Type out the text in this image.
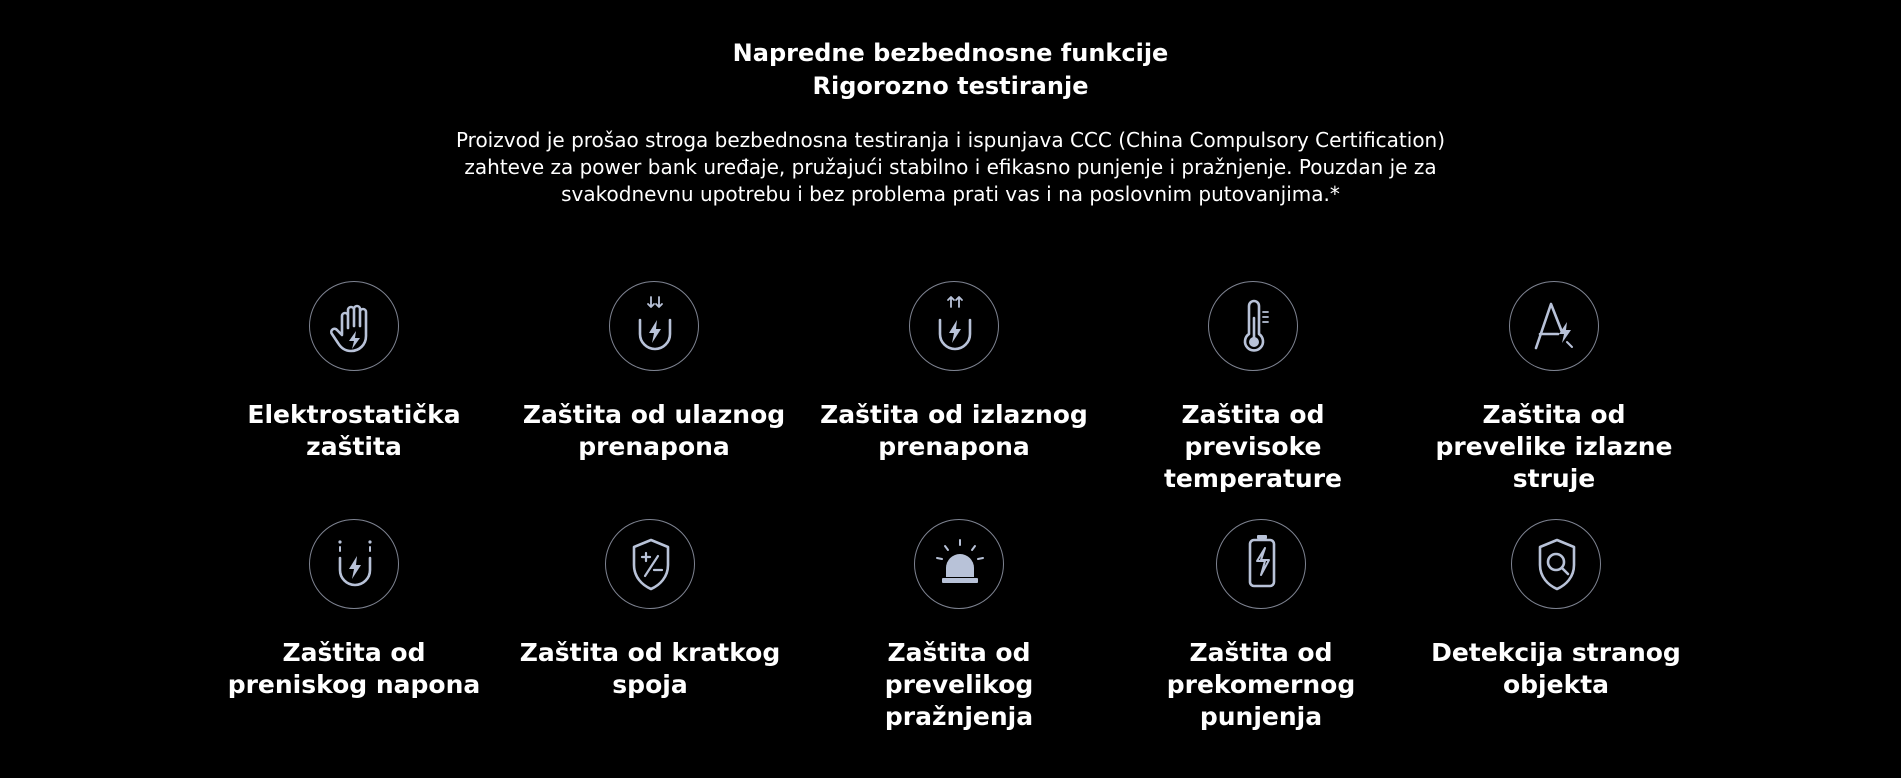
Napredne bezbednosne funkcije
Rigorozno testiranje

Proizvod je prošao stroga bezbednosna testiranja i ispunjava CCC (China Compulsory Certification) zahteve za power bank uređaje, pružajući stabilno i efikasno punjenje i pražnjenje. Pouzdan je za svakodnevnu upotrebu i bez problema prati vas i na poslovnim putovanjima.*

Elektrostatička zaštita
Zaštita od ulaznog prenapona
Zaštita od izlaznog prenapona
Zaštita od previsoke temperature
Zaštita od prevelike izlazne struje
Zaštita od preniskog napona
Zaštita od kratkog spoja
Zaštita od prevelikog pražnjenja
Zaštita od prekomernog punjenja
Detekcija stranog objekta
